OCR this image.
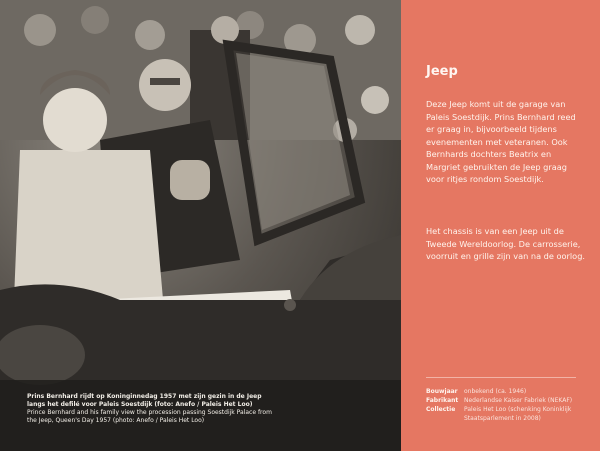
Prins Bernhard rijdt op Koninginnedag 1957 met zijn gezin in de Jeep langs het defilé voor Paleis Soestdijk (foto: Anefo / Paleis Het Loo)
Prince Bernhard and his family view the procession passing Soestdijk Palace from the Jeep, Queen's Day 1957 (photo: Anefo / Paleis Het Loo)
Jeep
Deze Jeep komt uit de garage van Paleis Soestdijk. Prins Bernhard reed er graag in, bijvoorbeeld tijdens evenementen met veteranen. Ook Bernhards dochters Beatrix en Margriet gebruikten de Jeep graag voor ritjes rondom Soestdijk.
Het chassis is van een Jeep uit de Tweede Wereldoorlog. De carrosserie, voorruit en grille zijn van na de oorlog.
Bouwjaar	onbekend (ca. 1946)
Fabrikant Nederlandse Kaiser Fabriek (NEKAF)
Collectie	Paleis Het Loo (schenking Koninklijk Staatsparlement in 2008)
